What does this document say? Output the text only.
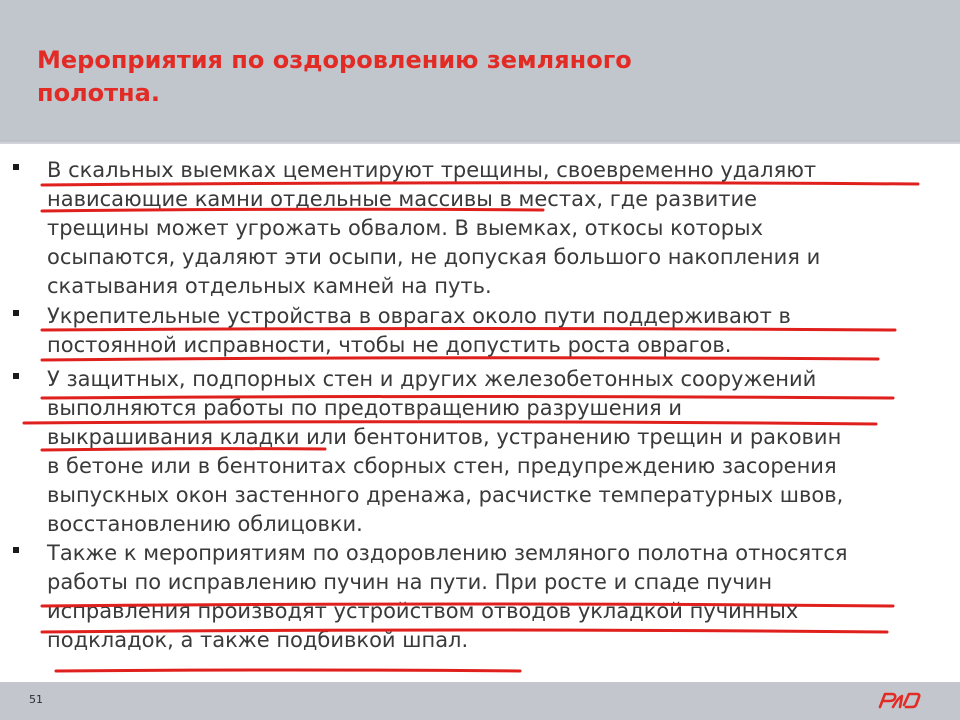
Мероприятия по оздоровлению земляного
полотна.

В скальных выемках цементируют трещины, своевременно удаляют
нависающие камни отдельные массивы в местах, где развитие
трещины может угрожать обвалом. В выемках, откосы которых
осыпаются, удаляют эти осыпи, не допуская большого накопления и
скатывания отдельных камней на путь.

Укрепительные устройства в оврагах около пути поддерживают в
постоянной исправности, чтобы не допустить роста оврагов.

У защитных, подпорных стен и других железобетонных сооружений
выполняются работы по предотвращению разрушения и
выкрашивания кладки или бентонитов, устранению трещин и раковин
в бетоне или в бентонитах сборных стен, предупреждению засорения
выпускных окон застенного дренажа, расчистке температурных швов,
восстановлению облицовки.

Также к мероприятиям по оздоровлению земляного полотна относятся
работы по исправлению пучин на пути. При росте и спаде пучин
исправления производят устройством отводов укладкой пучинных
подкладок, а также подбивкой шпал.

51
